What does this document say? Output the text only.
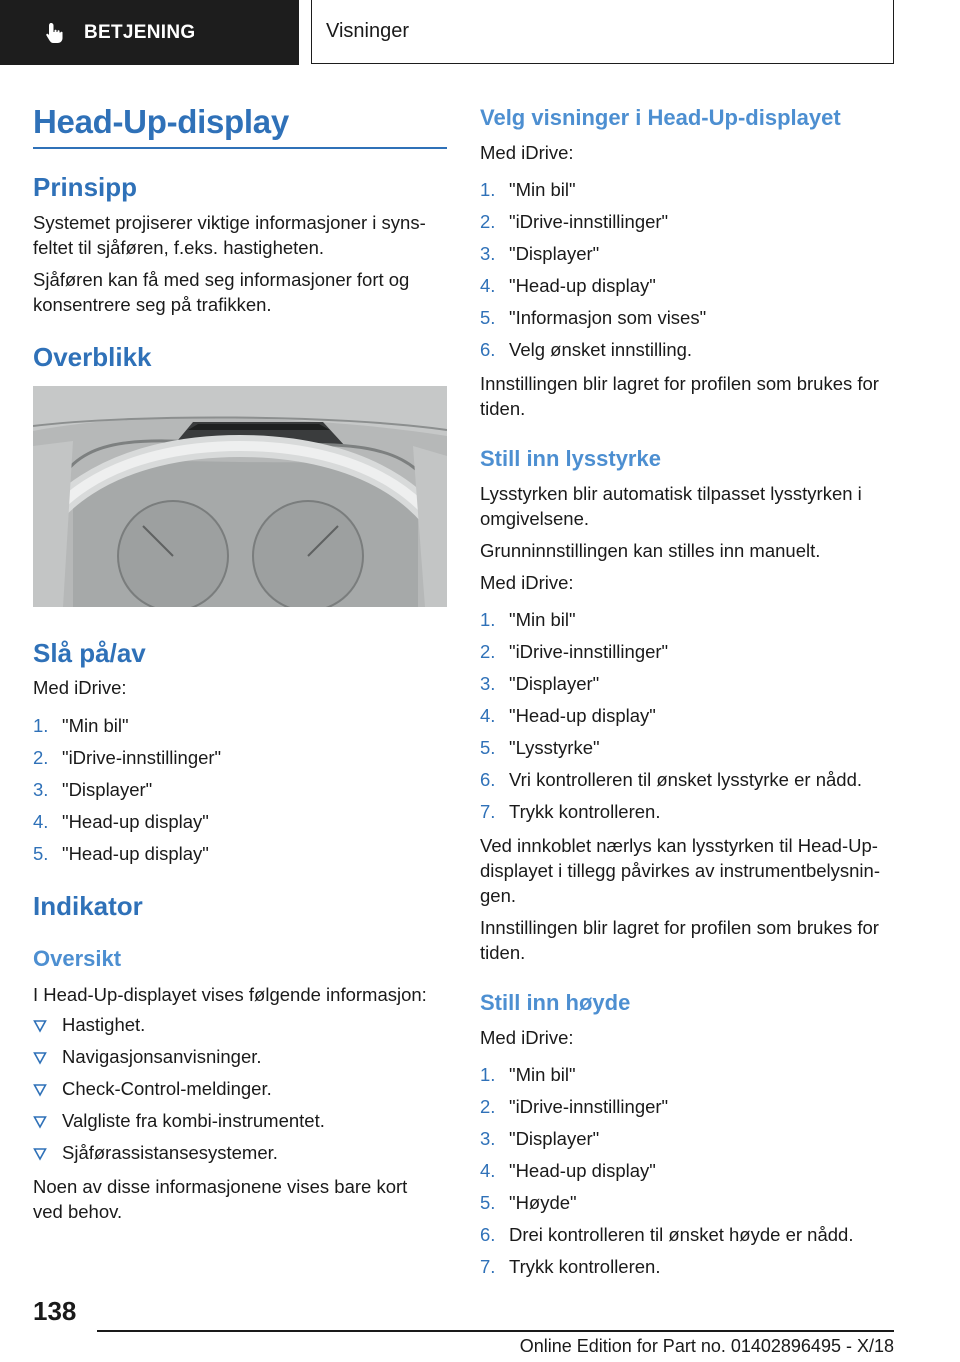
BETJENING	Visninger
Head-Up-display
Prinsipp

Systemet projiserer viktige informasjoner i syns-

feltet til sjåføren, f.eks. hastigheten.

Sjåføren kan få med seg informasjoner fort og

konsentrere seg på trafikken.

Overblikk
Slå på/av

Med iDrive:

1. "Min bil"
2. "iDrive-innstillinger"
3. "Displayer"
4. "Head-up display"
5. "Head-up display"
Indikator
Oversikt

I Head-Up-displayet vises følgende informasjon:

Hastighet.
Navigasjonsanvisninger.
Check-Control-meldinger.
Valgliste fra kombi-instrumentet.
Sjåførassistansesystemer.

Noen av disse informasjonene vises bare kort

ved behov.

Velg visninger i Head-Up-displayet

Med iDrive:

1. "Min bil"
2. "iDrive-innstillinger"
3. "Displayer"
4. "Head-up display"
5. "Informasjon som vises"
6. Velg ønsket innstilling.

Innstillingen blir lagret for profilen som brukes for

tiden.

Still inn lysstyrke

Lysstyrken blir automatisk tilpasset lysstyrken i

omgivelsene.

Grunninnstillingen kan stilles inn manuelt.

Med iDrive:

1. "Min bil"
2. "iDrive-innstillinger"
3. "Displayer"
4. "Head-up display"
5. "Lysstyrke"
6. Vri kontrolleren til ønsket lysstyrke er nådd.
7. Trykk kontrolleren.

Ved innkoblet nærlys kan lysstyrken til Head-Up-

displayet i tillegg påvirkes av instrumentbelysnin-

gen.

Innstillingen blir lagret for profilen som brukes for

tiden.

Still inn høyde

Med iDrive:

1. "Min bil"
2. "iDrive-innstillinger"
3. "Displayer"
4. "Head-up display"
5. "Høyde"
6. Drei kontrolleren til ønsket høyde er nådd.
7. Trykk kontrolleren.
138
Online Edition for Part no. 01402896495 - X/18
